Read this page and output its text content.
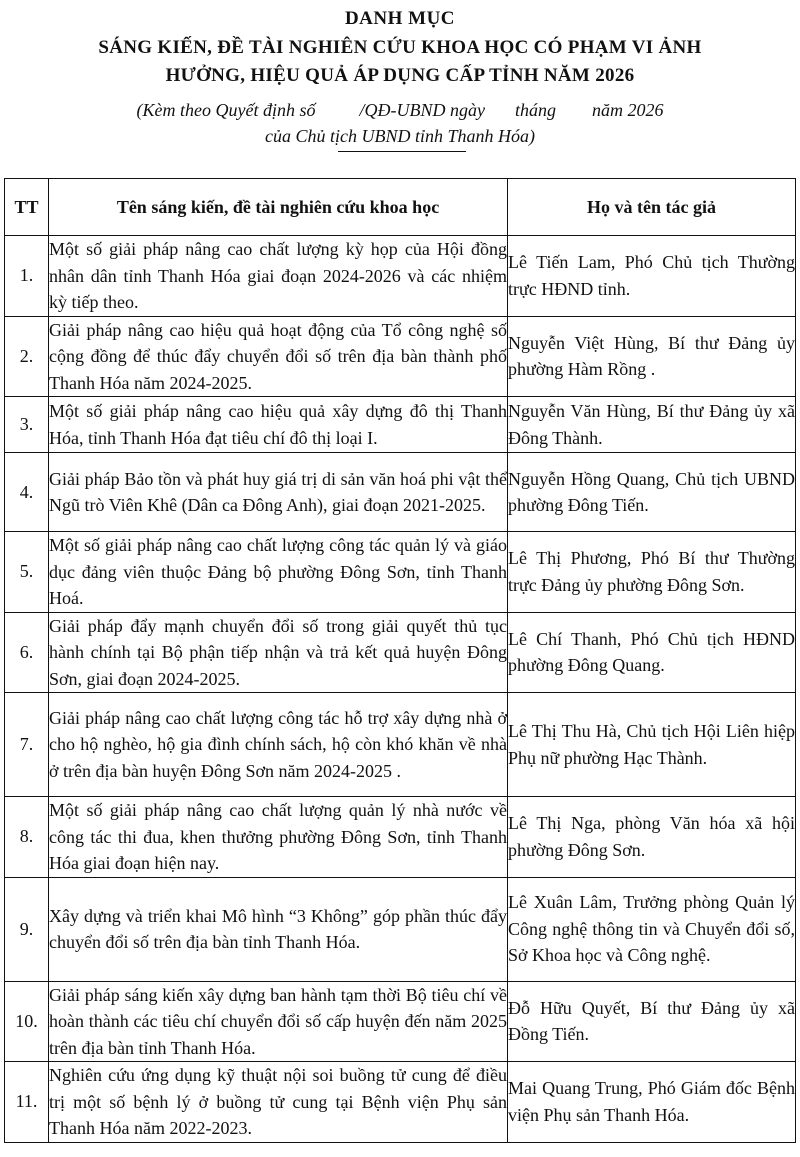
DANH MỤC
SÁNG KIẾN, ĐỀ TÀI NGHIÊN CỨU KHOA HỌC CÓ PHẠM VI ẢNH
HƯỞNG, HIỆU QUẢ ÁP DỤNG CẤP TỈNH NĂM 2026
(Kèm theo Quyết định số /QĐ-UBND ngày tháng năm 2026
của Chủ tịch UBND tỉnh Thanh Hóa)
TT	Tên sáng kiến, đề tài nghiên cứu khoa học	Họ và tên tác giả
1.	Một số giải pháp nâng cao chất lượng kỳ họp của Hội đồng nhân dân tỉnh Thanh Hóa giai đoạn 2024-2026 và các nhiệm kỳ tiếp theo.	Lê Tiến Lam, Phó Chủ tịch Thường trực HĐND tỉnh.
2.	Giải pháp nâng cao hiệu quả hoạt động của Tổ công nghệ số cộng đồng để thúc đẩy chuyển đổi số trên địa bàn thành phố Thanh Hóa năm 2024-2025.	Nguyễn Việt Hùng, Bí thư Đảng ủy phường Hàm Rồng .
3.	Một số giải pháp nâng cao hiệu quả xây dựng đô thị Thanh Hóa, tỉnh Thanh Hóa đạt tiêu chí đô thị loại I.	Nguyễn Văn Hùng, Bí thư Đảng ủy xã Đông Thành.
4.	Giải pháp Bảo tồn và phát huy giá trị di sản văn hoá phi vật thể Ngũ trò Viên Khê (Dân ca Đông Anh), giai đoạn 2021-2025.	Nguyễn Hồng Quang, Chủ tịch UBND phường Đông Tiến.
5.	Một số giải pháp nâng cao chất lượng công tác quản lý và giáo dục đảng viên thuộc Đảng bộ phường Đông Sơn, tỉnh Thanh Hoá.	Lê Thị Phương, Phó Bí thư Thường trực Đảng ủy phường Đông Sơn.
6.	Giải pháp đẩy mạnh chuyển đổi số trong giải quyết thủ tục hành chính tại Bộ phận tiếp nhận và trả kết quả huyện Đông Sơn, giai đoạn 2024-2025.	Lê Chí Thanh, Phó Chủ tịch HĐND phường Đông Quang.
7.	Giải pháp nâng cao chất lượng công tác hỗ trợ xây dựng nhà ở cho hộ nghèo, hộ gia đình chính sách, hộ còn khó khăn về nhà ở trên địa bàn huyện Đông Sơn năm 2024-2025 .	Lê Thị Thu Hà, Chủ tịch Hội Liên hiệp Phụ nữ phường Hạc Thành.
8.	Một số giải pháp nâng cao chất lượng quản lý nhà nước về công tác thi đua, khen thưởng phường Đông Sơn, tỉnh Thanh Hóa giai đoạn hiện nay.	Lê Thị Nga, phòng Văn hóa xã hội phường Đông Sơn.
9.	Xây dựng và triển khai Mô hình “3 Không” góp phần thúc đẩy chuyển đổi số trên địa bàn tỉnh Thanh Hóa.	Lê Xuân Lâm, Trưởng phòng Quản lý Công nghệ thông tin và Chuyển đổi số, Sở Khoa học và Công nghệ.
10.	Giải pháp sáng kiến xây dựng ban hành tạm thời Bộ tiêu chí về hoàn thành các tiêu chí chuyển đổi số cấp huyện đến năm 2025 trên địa bàn tỉnh Thanh Hóa.	Đỗ Hữu Quyết, Bí thư Đảng ủy xã Đồng Tiến.
11.	Nghiên cứu ứng dụng kỹ thuật nội soi buồng tử cung để điều trị một số bệnh lý ở buồng tử cung tại Bệnh viện Phụ sản Thanh Hóa năm 2022-2023.	Mai Quang Trung, Phó Giám đốc Bệnh viện Phụ sản Thanh Hóa.
